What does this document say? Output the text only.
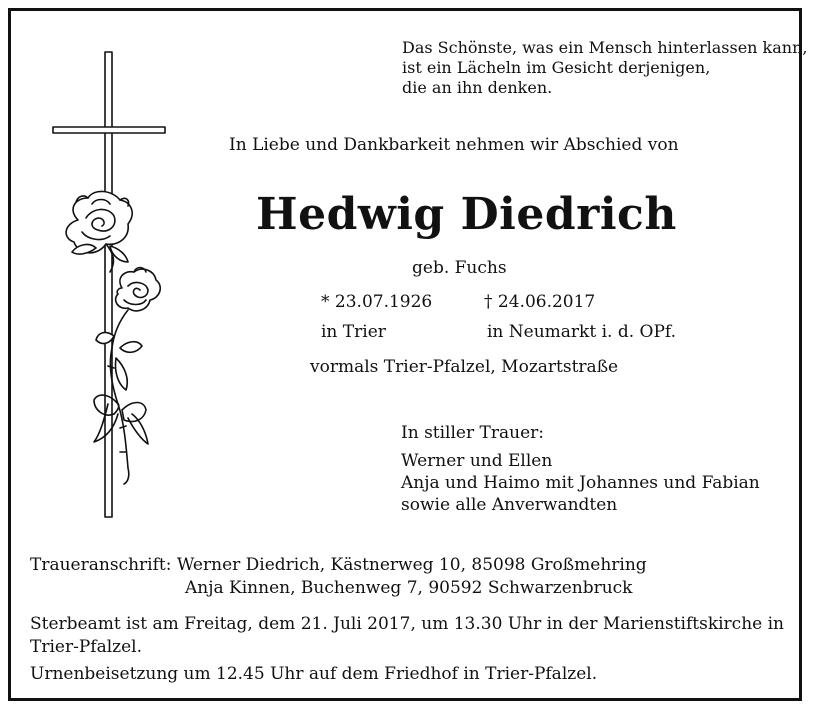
Das Schönste, was ein Mensch hinterlassen kann,
ist ein Lächeln im Gesicht derjenigen,
die an ihn denken.
In Liebe und Dankbarkeit nehmen wir Abschied von
Hedwig Diedrich
geb. Fuchs
* 23.07.1926	† 24.06.2017
in Trier	in Neumarkt i. d. OPf.
vormals Trier-Pfalzel, Mozartstraße
In stiller Trauer:
Werner und Ellen
Anja und Haimo mit Johannes und Fabian
sowie alle Anverwandten
Traueranschrift: Werner Diedrich, Kästnerweg 10, 85098 Großmehring
Anja Kinnen, Buchenweg 7, 90592 Schwarzenbruck
Sterbeamt ist am Freitag, dem 21. Juli 2017, um 13.30 Uhr in der Marienstiftskirche in
Trier-Pfalzel.
Urnenbeisetzung um 12.45 Uhr auf dem Friedhof in Trier-Pfalzel.
